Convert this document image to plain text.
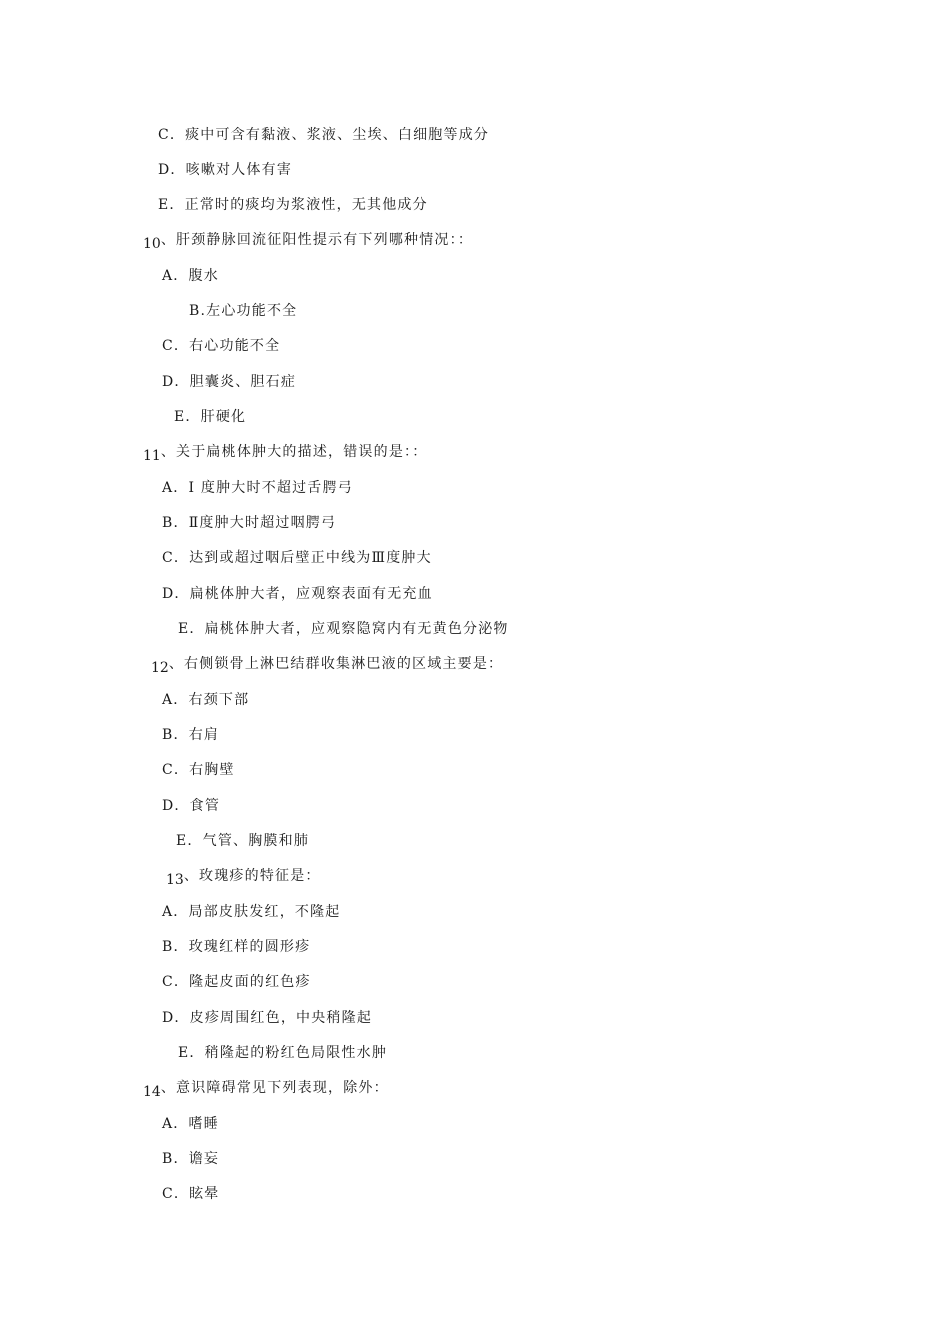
C．痰中可含有黏液、浆液、尘埃、白细胞等成分
D．咳嗽对人体有害
E．正常时的痰均为浆液性，无其他成分
10、肝颈静脉回流征阳性提示有下列哪种情况：：
A．腹水
B.左心功能不全
C．右心功能不全
D．胆囊炎、胆石症
E．肝硬化
11、关于扁桃体肿大的描述，错误的是：：
A．I 度肿大时不超过舌腭弓
B．Ⅱ度肿大时超过咽腭弓
C．达到或超过咽后壁正中线为Ⅲ度肿大
D．扁桃体肿大者，应观察表面有无充血
E．扁桃体肿大者，应观察隐窝内有无黄色分泌物
12、右侧锁骨上淋巴结群收集淋巴液的区域主要是：
A．右颈下部
B．右肩
C．右胸壁
D．食管
E．气管、胸膜和肺
13、玫瑰疹的特征是：
A．局部皮肤发红，不隆起
B．玫瑰红样的圆形疹
C．隆起皮面的红色疹
D．皮疹周围红色，中央稍隆起
E．稍隆起的粉红色局限性水肿
14、意识障碍常见下列表现，除外：
A．嗜睡
B．谵妄
C．眩晕
